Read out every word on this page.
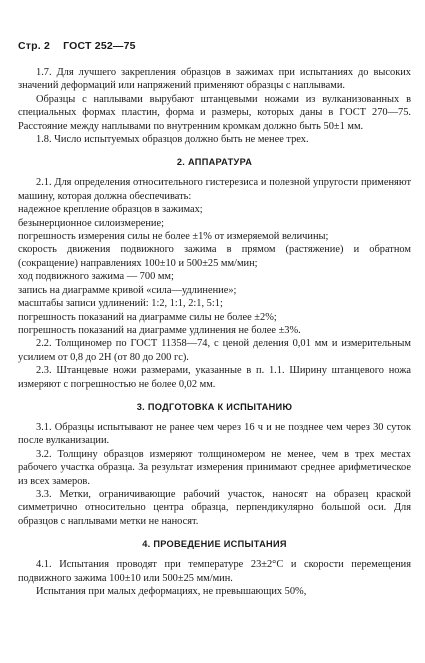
Стр. 2 ГОСТ 252—75

1.7. Для лучшего закрепления образцов в зажимах при испытаниях до высоких значений деформаций или напряжений применяют образцы с наплывами.

Образцы с наплывами вырубают штанцевыми ножами из вулканизованных в специальных формах пластин, форма и размеры, которых даны в ГОСТ 270—75. Расстояние между наплывами по внутренним кромкам должно быть 50±1 мм.

1.8. Число испытуемых образцов должно быть не менее трех.

2. АППАРАТУРА

2.1. Для определения относительного гистерезиса и полезной упругости применяют машину, которая должна обеспечивать:

надежное крепление образцов в зажимах;

безынерционное силоизмерение;

погрешность измерения силы не более ±1% от измеряемой величины;

скорость движения подвижного зажима в прямом (растяжение) и обратном (сокращение) направлениях 100±10 и 500±25 мм/мин;

ход подвижного зажима — 700 мм;

запись на диаграмме кривой «сила—удлинение»;

масштабы записи удлинений: 1:2, 1:1, 2:1, 5:1;

погрешность показаний на диаграмме силы не более ±2%;

погрешность показаний на диаграмме удлинения не более ±3%.

2.2. Толщиномер по ГОСТ 11358—74, с ценой деления 0,01 мм и измерительным усилием от 0,8 до 2Н (от 80 до 200 гс).

2.3. Штанцевые ножи размерами, указанные в п. 1.1. Ширину штанцевого ножа измеряют с погрешностью не более 0,02 мм.

3. ПОДГОТОВКА К ИСПЫТАНИЮ

3.1. Образцы испытывают не ранее чем через 16 ч и не позднее чем через 30 суток после вулканизации.

3.2. Толщину образцов измеряют толщиномером не менее, чем в трех местах рабочего участка образца. За результат измерения принимают среднее арифметическое из всех замеров.

3.3. Метки, ограничивающие рабочий участок, наносят на образец краской симметрично относительно центра образца, перпендикулярно большой оси. Для образцов с наплывами метки не наносят.

4. ПРОВЕДЕНИЕ ИСПЫТАНИЯ

4.1. Испытания проводят при температуре 23±2°С и скорости перемещения подвижного зажима 100±10 или 500±25 мм/мин.

Испытания при малых деформациях, не превышающих 50%,
